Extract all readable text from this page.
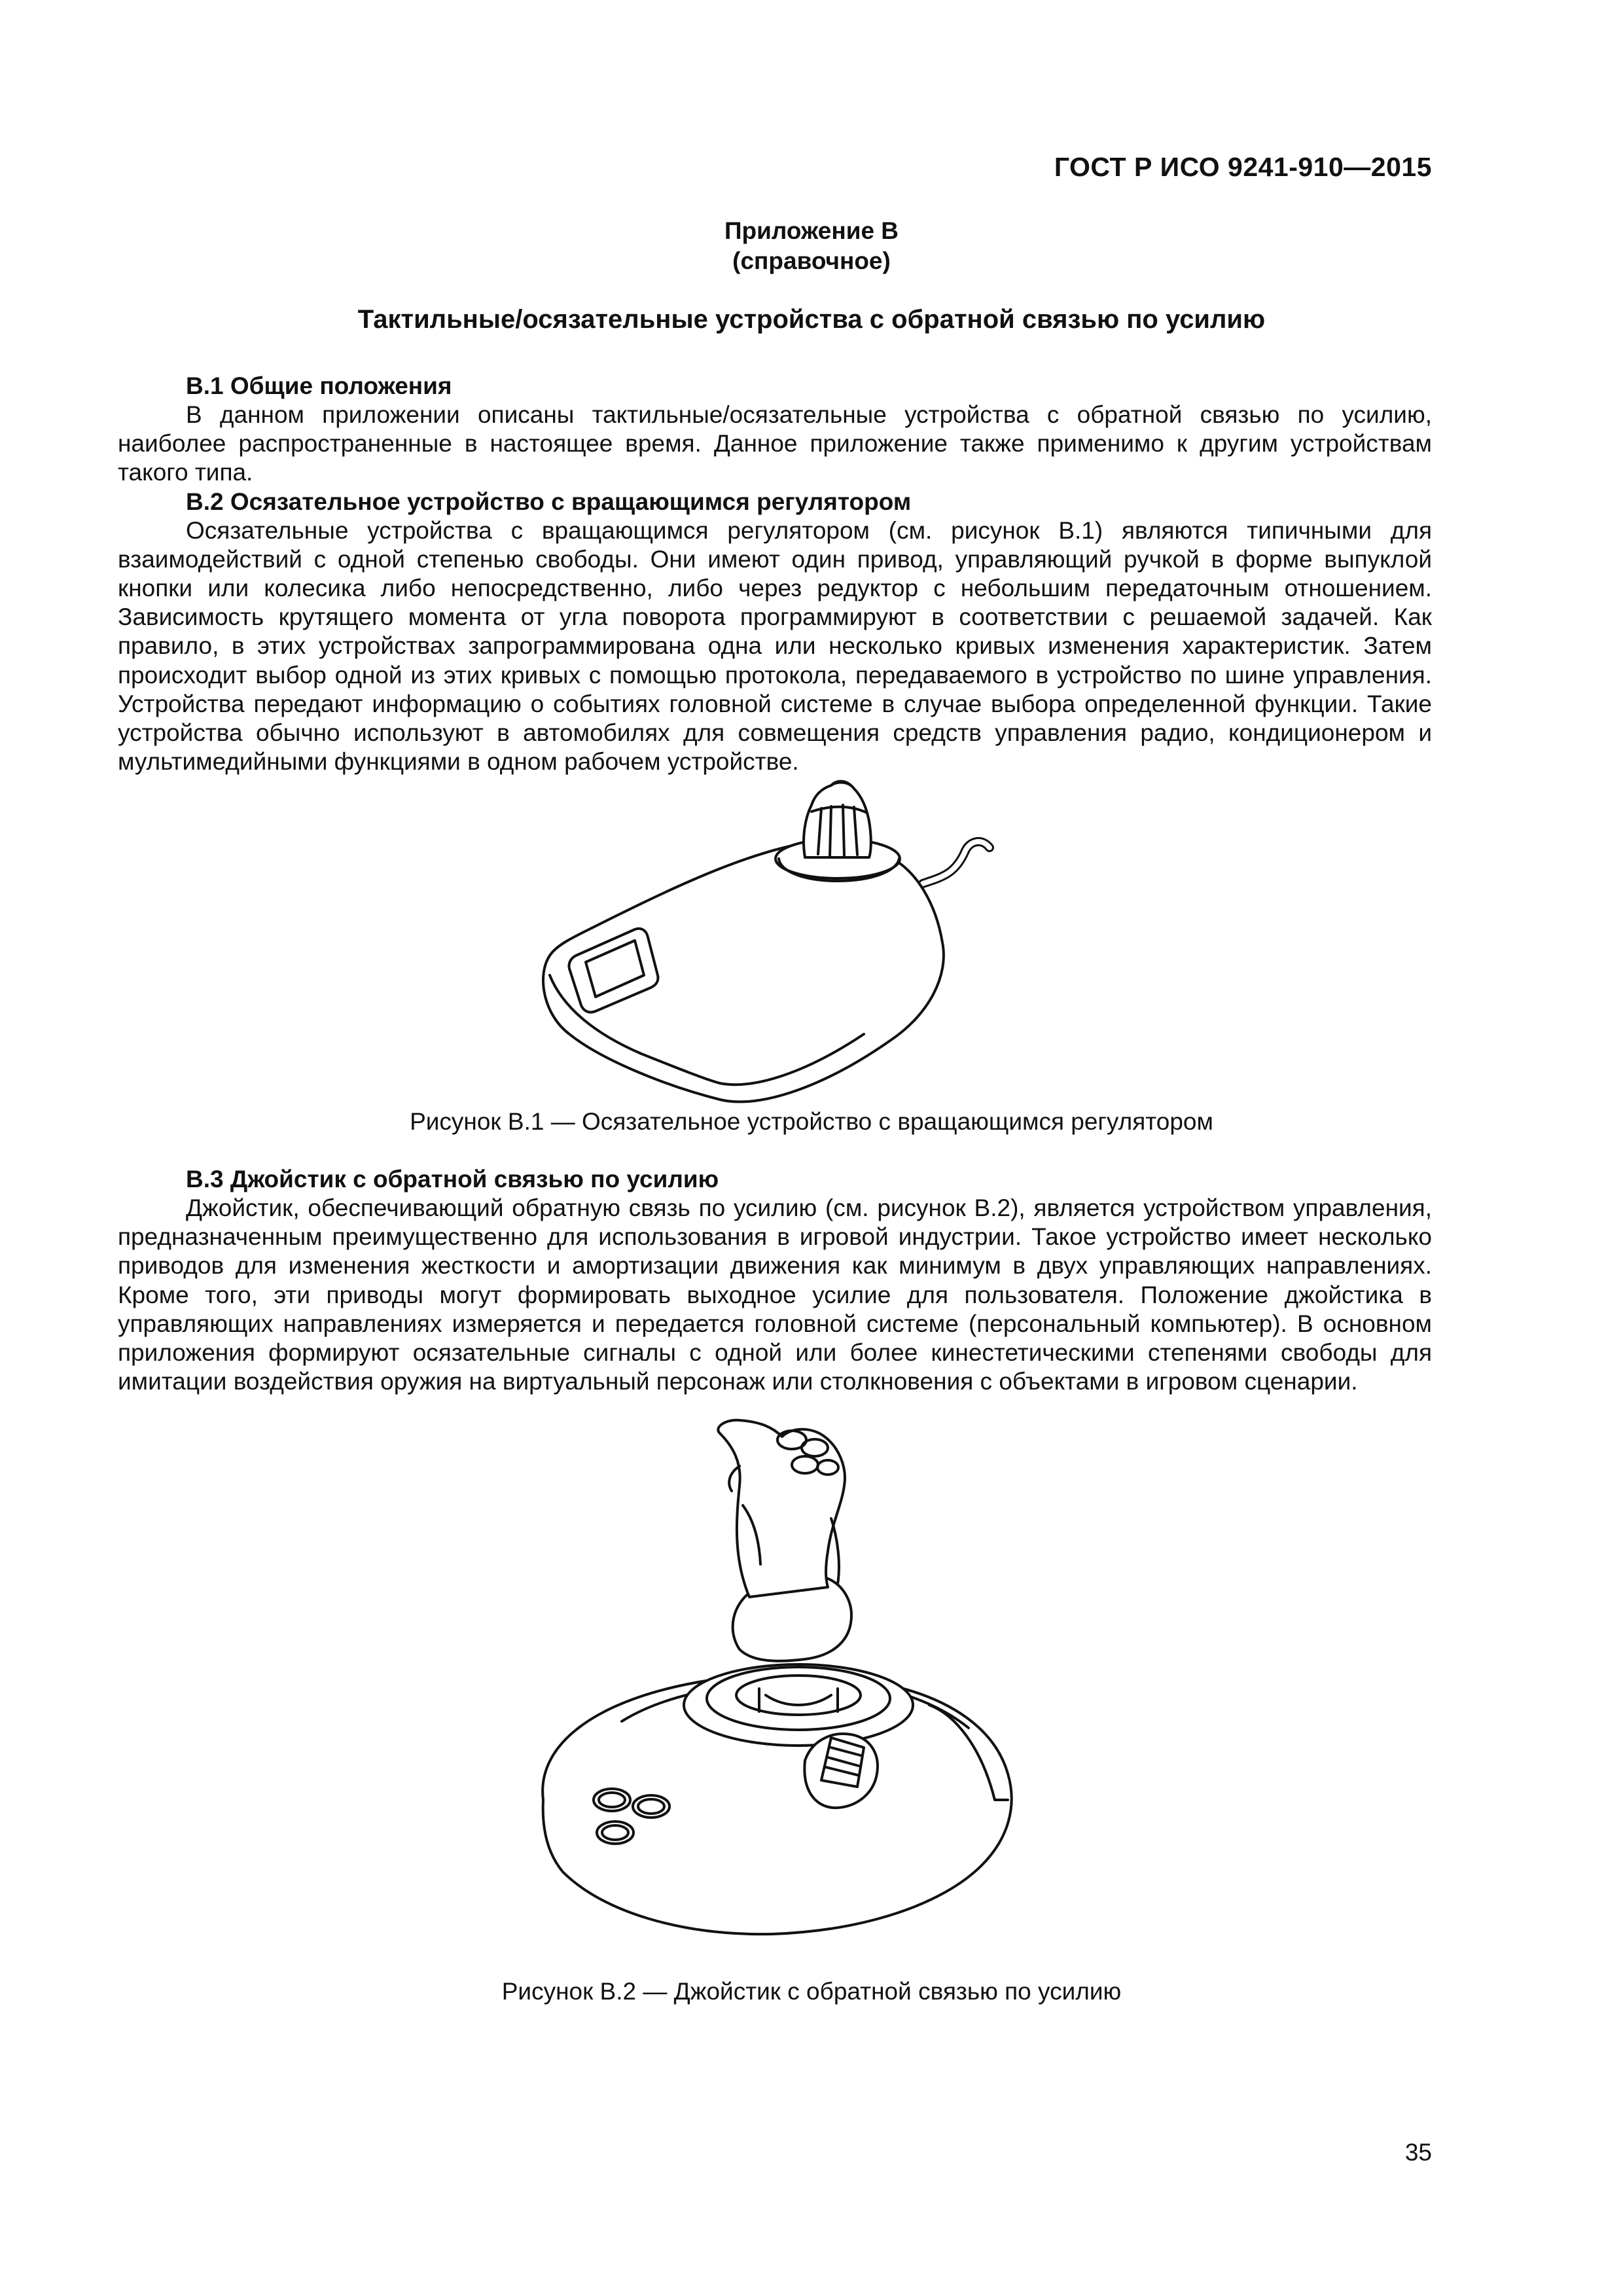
ГОСТ Р ИСО 9241-910—2015
Приложение В
(справочное)
Тактильные/осязательные устройства с обратной связью по усилию
В.1 Общие положения

В данном приложении описаны тактильные/осязательные устройства с обратной связью по усилию, наиболее распространенные в настоящее время. Данное приложение также применимо к другим устройствам такого типа.

В.2 Осязательное устройство с вращающимся регулятором

Осязательные устройства с вращающимся регулятором (см. рисунок В.1) являются типичными для взаимодействий с одной степенью свободы. Они имеют один привод, управляющий ручкой в форме выпуклой кнопки или колесика либо непосредственно, либо через редуктор с небольшим передаточным отношением. Зависимость крутящего момента от угла поворота программируют в соответствии с решаемой задачей. Как правило, в этих устройствах запрограммирована одна или несколько кривых изменения характеристик. Затем происходит выбор одной из этих кривых с помощью протокола, передаваемого в устройство по шине управления. Устройства передают информацию о событиях головной системе в случае выбора определенной функции. Такие устройства обычно используют в автомобилях для совмещения средств управления радио, кондиционером и мультимедийными функциями в одном рабочем устройстве.

Рисунок В.1 — Осязательное устройство с вращающимся регулятором
В.3 Джойстик с обратной связью по усилию

Джойстик, обеспечивающий обратную связь по усилию (см. рисунок В.2), является устройством управления, предназначенным преимущественно для использования в игровой индустрии. Такое устройство имеет несколько приводов для изменения жесткости и амортизации движения как минимум в двух управляющих направлениях. Кроме того, эти приводы могут формировать выходное усилие для пользователя. Положение джойстика в управляющих направлениях измеряется и передается головной системе (персональный компьютер). В основном приложения формируют осязательные сигналы с одной или более кинестетическими степенями свободы для имитации воздействия оружия на виртуальный персонаж или столкновения с объектами в игровом сценарии.

Рисунок В.2 — Джойстик с обратной связью по усилию
35
